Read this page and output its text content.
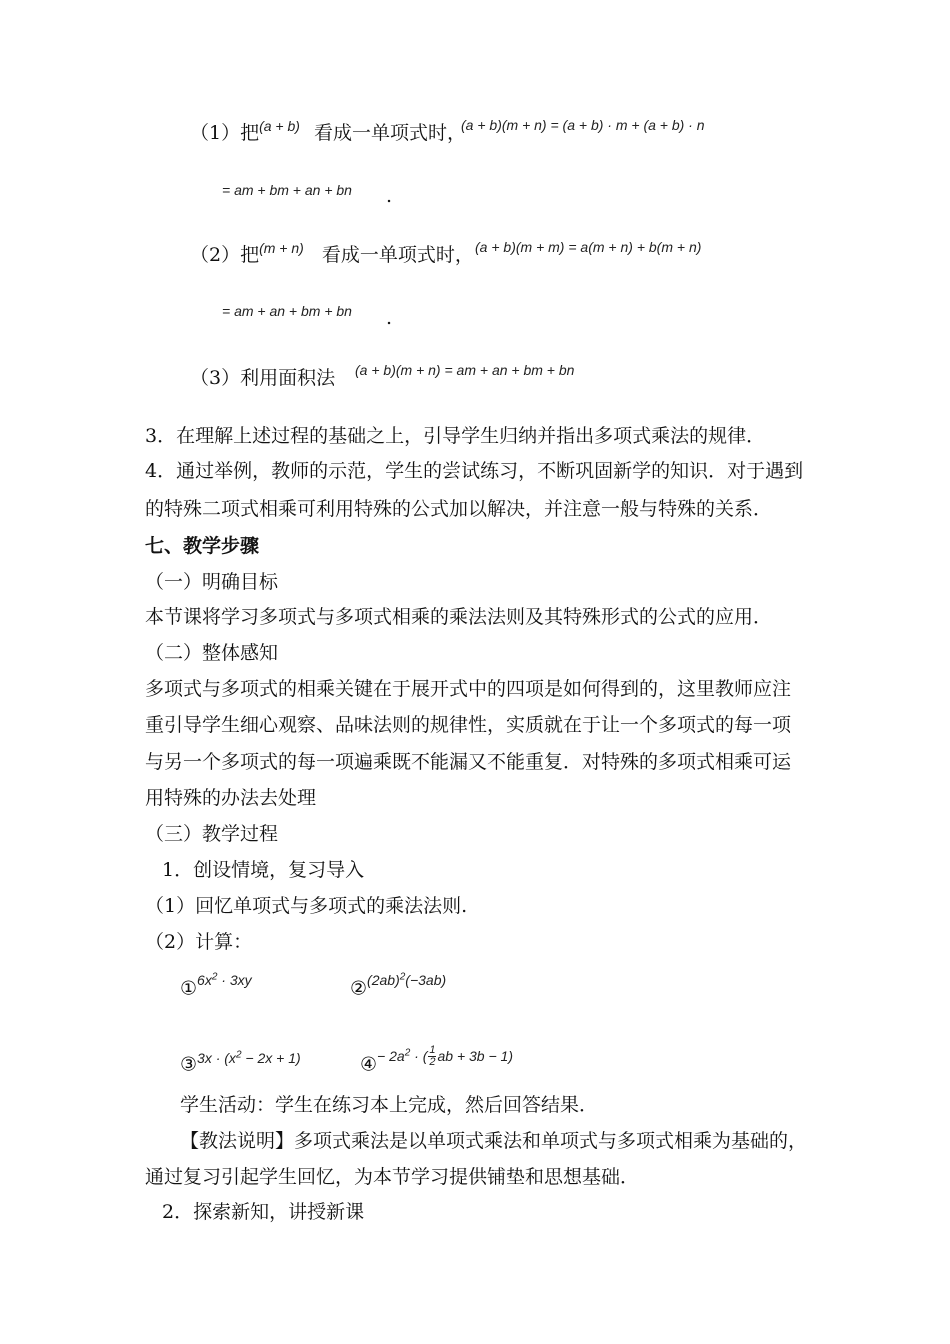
（1）把$^{(a + b)}$ 看成一单项式时，
(a + b)(m + n) = (a + b) · m + (a + b) · n
= am + bm + an + bn .
（2）把$^{(m + n)}$ 看成一单项式时， (a + b)(m + m) = a(m + n) + b(m + n)
= am + an + bm + bn .
（3）利用面积法 (a + b)(m + n) = am + an + bm + bn
3．在理解上述过程的基础之上，引导学生归纳并指出多项式乘法的规律．
4．通过举例，教师的示范，学生的尝试练习，不断巩固新学的知识．对于遇到
的特殊二项式相乘可利用特殊的公式加以解决，并注意一般与特殊的关系．
七、教学步骤
（一）明确目标
本节课将学习多项式与多项式相乘的乘法法则及其特殊形式的公式的应用．
（二）整体感知
多项式与多项式的相乘关键在于展开式中的四项是如何得到的，这里教师应注
重引导学生细心观察、品味法则的规律性，实质就在于让一个多项式的每一项
与另一个多项式的每一项遍乘既不能漏又不能重复．对特殊的多项式相乘可运
用特殊的办法去处理
（三）教学过程
1．创设情境，复习导入
（1）回忆单项式与多项式的乘法法则.
（2）计算：
①$^{6x^2 \cdot 3xy}$	②$^{(2ab)^2(-3ab)}$
③$^{3x \cdot (x^2 - 2x + 1)}$	④$^{- 2a^2 \cdot ( \frac{1}{2} ab + 3b - 1)}$
学生活动：学生在练习本上完成，然后回答结果．
【教法说明】多项式乘法是以单项式乘法和单项式与多项式相乘为基础的，
通过复习引起学生回忆，为本节学习提供铺垫和思想基础．
2．探索新知，讲授新课
